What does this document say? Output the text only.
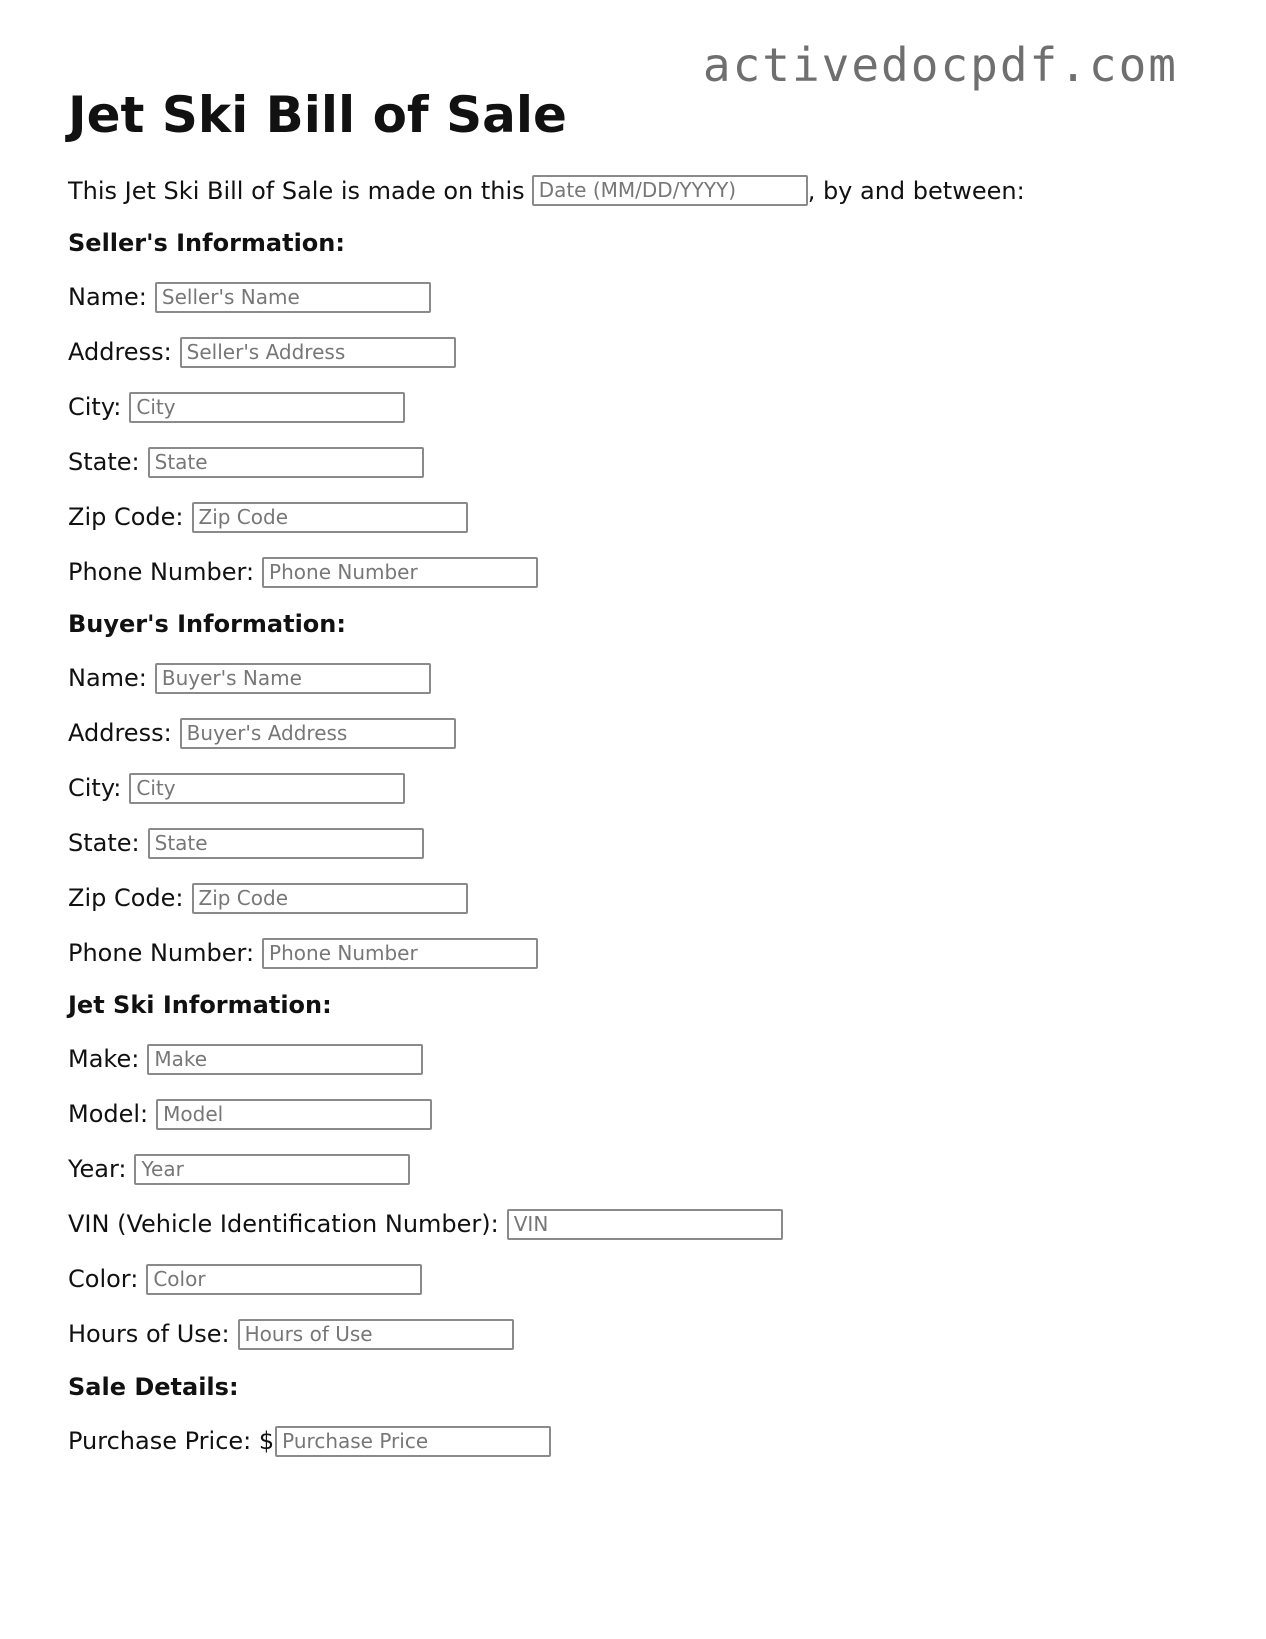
activedocpdf.com
Jet Ski Bill of Sale
This Jet Ski Bill of Sale is made on this Date (MM/DD/YYYY)	, by and between:
Seller's Information:
Name: Seller's Name
Address: Seller's Address
City: City
State: State
Zip Code: Zip Code
Phone Number: Phone Number
Buyer's Information:
Name: Buyer's Name
Address: Buyer's Address
City: City
State: State
Zip Code: Zip Code
Phone Number: Phone Number
Jet Ski Information:
Make: Make
Model: Model
Year: Year
VIN (Vehicle Identification Number): VIN
Color: Color
Hours of Use: Hours of Use
Sale Details:
Purchase Price: $ Purchase Price
